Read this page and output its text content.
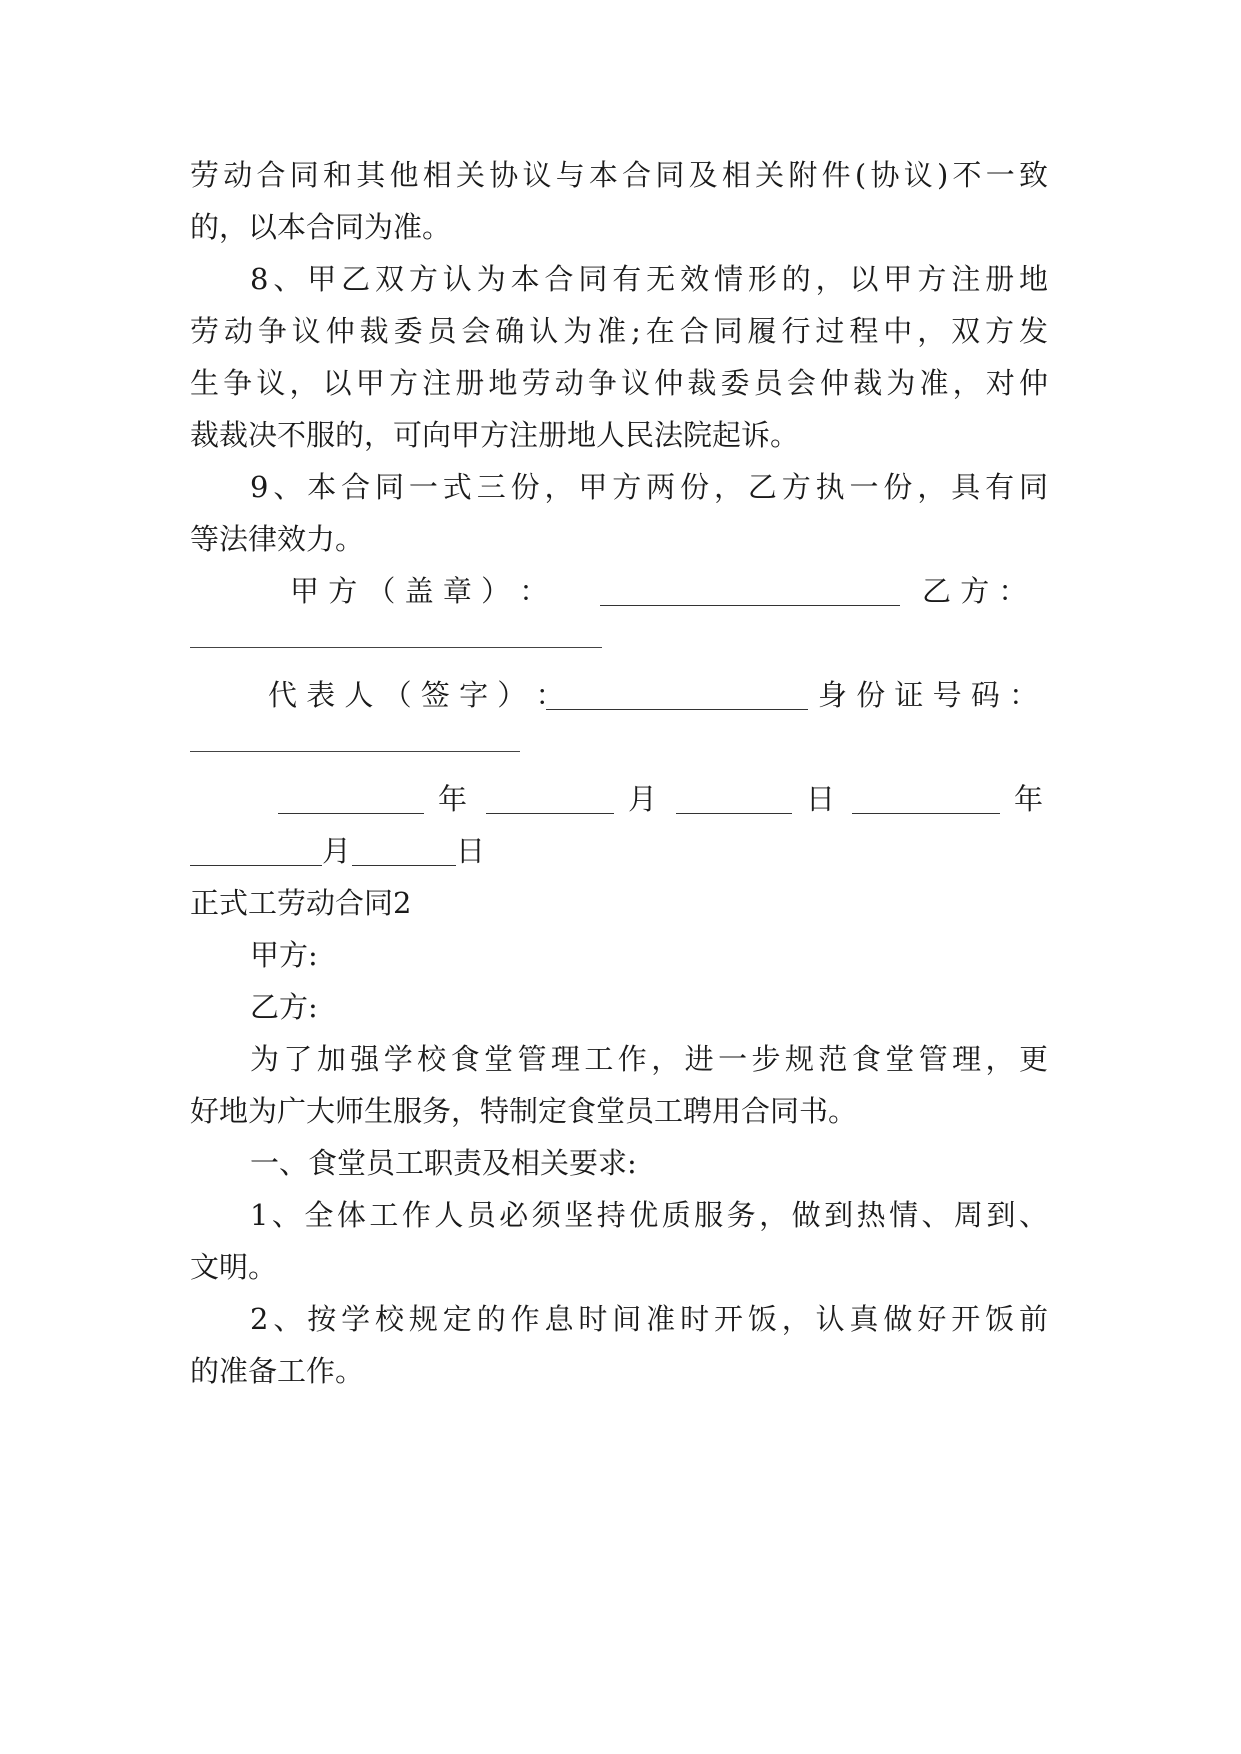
劳动合同和其他相关协议与本合同及相关附件(协议)不一致
的，以本合同为准。
8、甲乙双方认为本合同有无效情形的，以甲方注册地
劳动争议仲裁委员会确认为准;在合同履行过程中，双方发
生争议，以甲方注册地劳动争议仲裁委员会仲裁为准，对仲
裁裁决不服的，可向甲方注册地人民法院起诉。
9、本合同一式三份，甲方两份，乙方执一份，具有同
等法律效力。
甲 方 （ 盖 章 ） ：	乙 方 ：
代 表 人 （ 签 字 ） ：	身 份 证 号 码 ：
年	月	日	年
月	日
正式工劳动合同2
甲方:
乙方:
为了加强学校食堂管理工作，进一步规范食堂管理，更
好地为广大师生服务，特制定食堂员工聘用合同书。
一、食堂员工职责及相关要求:
1、全体工作人员必须坚持优质服务，做到热情、周到、
文明。
2、按学校规定的作息时间准时开饭，认真做好开饭前
的准备工作。
